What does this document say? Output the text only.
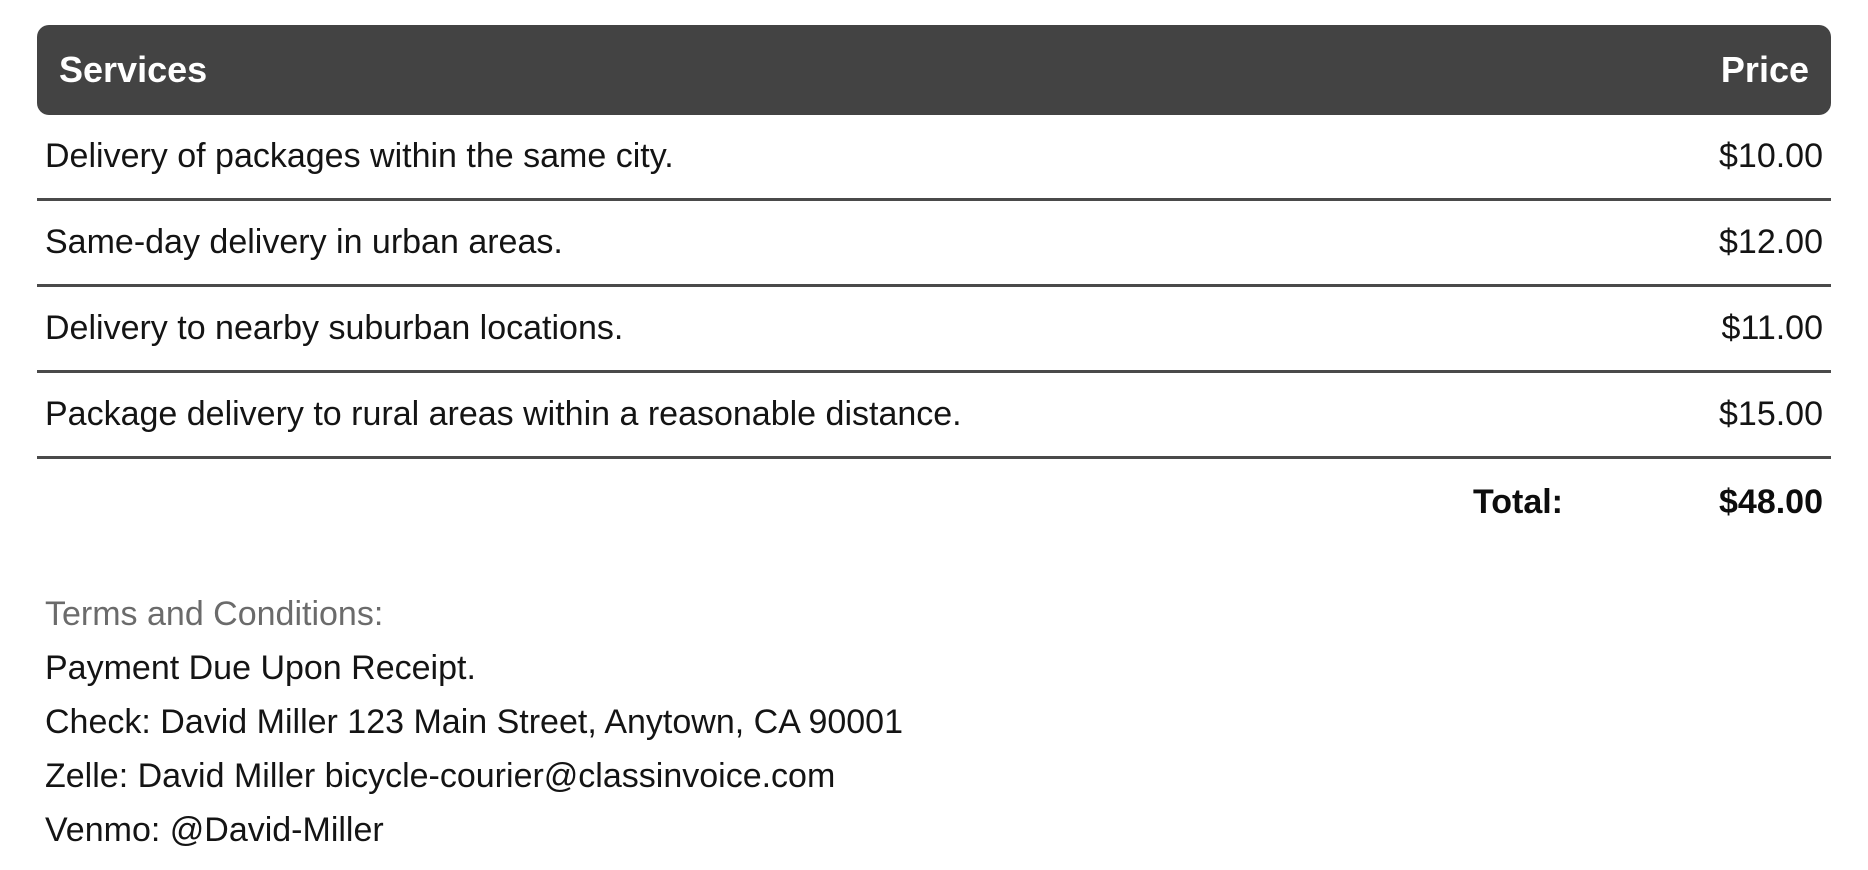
Services	Price
Delivery of packages within the same city.	$10.00
Same-day delivery in urban areas.	$12.00
Delivery to nearby suburban locations.	$11.00
Package delivery to rural areas within a reasonable distance.	$15.00
Total:	$48.00

Terms and Conditions:

Payment Due Upon Receipt.

Check: David Miller 123 Main Street, Anytown, CA 90001

Zelle: David Miller bicycle-courier@classinvoice.com

Venmo: @David-Miller
